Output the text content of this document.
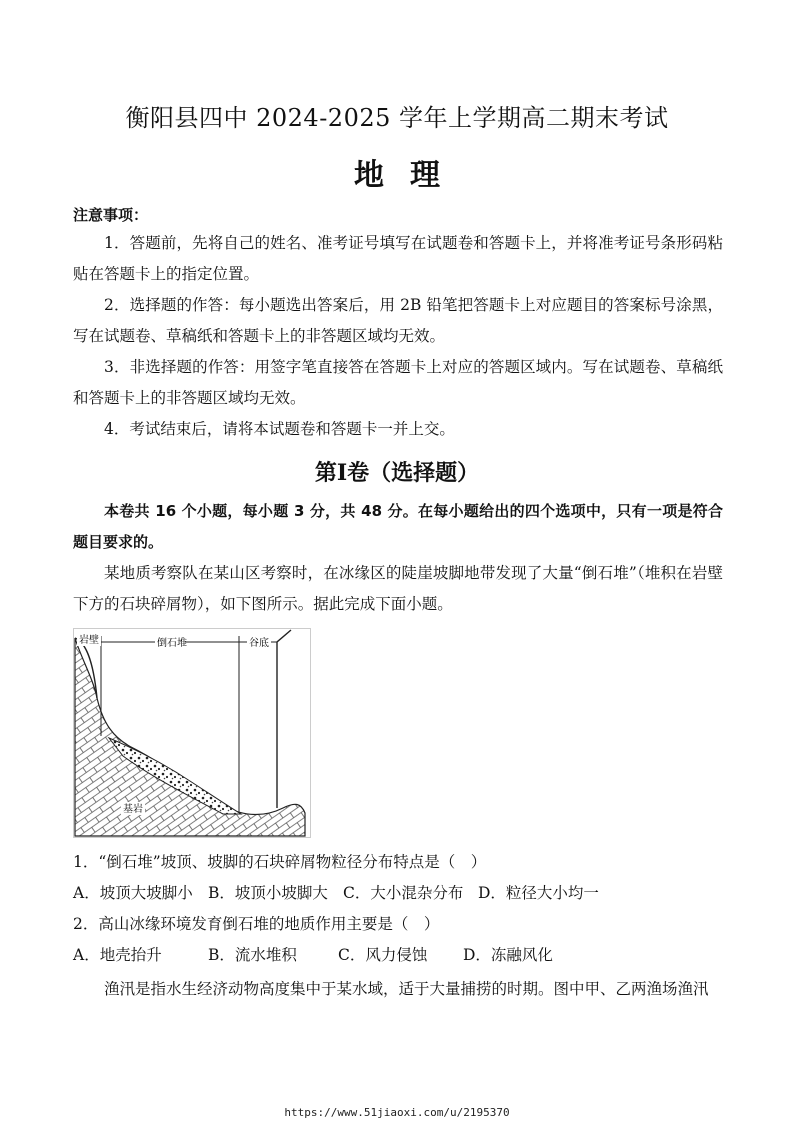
衡阳县四中 2024-2025 学年上学期高二期末考试
地理
注意事项：
1．答题前，先将自己的姓名、准考证号填写在试题卷和答题卡上，并将准考证号条形码粘贴在答题卡上的指定位置。
2．选择题的作答：每小题选出答案后，用 2B 铅笔把答题卡上对应题目的答案标号涂黑，写在试题卷、草稿纸和答题卡上的非答题区域均无效。
3．非选择题的作答：用签字笔直接答在答题卡上对应的答题区域内。写在试题卷、草稿纸和答题卡上的非答题区域均无效。
4．考试结束后，请将本试题卷和答题卡一并上交。
第Ⅰ卷（选择题）
本卷共 16 个小题，每小题 3 分，共 48 分。在每小题给出的四个选项中，只有一项是符合题目要求的。
某地质考察队在某山区考察时，在冰缘区的陡崖坡脚地带发现了大量“倒石堆”（堆积在岩壁下方的石块碎屑物），如下图所示。据此完成下面小题。
岩壁	倒石堆	谷底
基岩
1．“倒石堆”坡顶、坡脚的石块碎屑物粒径分布特点是（　）
A．坡顶大坡脚小 B．坡顶小坡脚大 C．大小混杂分布 D．粒径大小均一
2．高山冰缘环境发育倒石堆的地质作用主要是（　）
A．地壳抬升	B．流水堆积	C．风力侵蚀 D．冻融风化
渔汛是指水生经济动物高度集中于某水域，适于大量捕捞的时期。图中甲、乙两渔场渔汛
https://www.51jiaoxi.com/u/2195370
